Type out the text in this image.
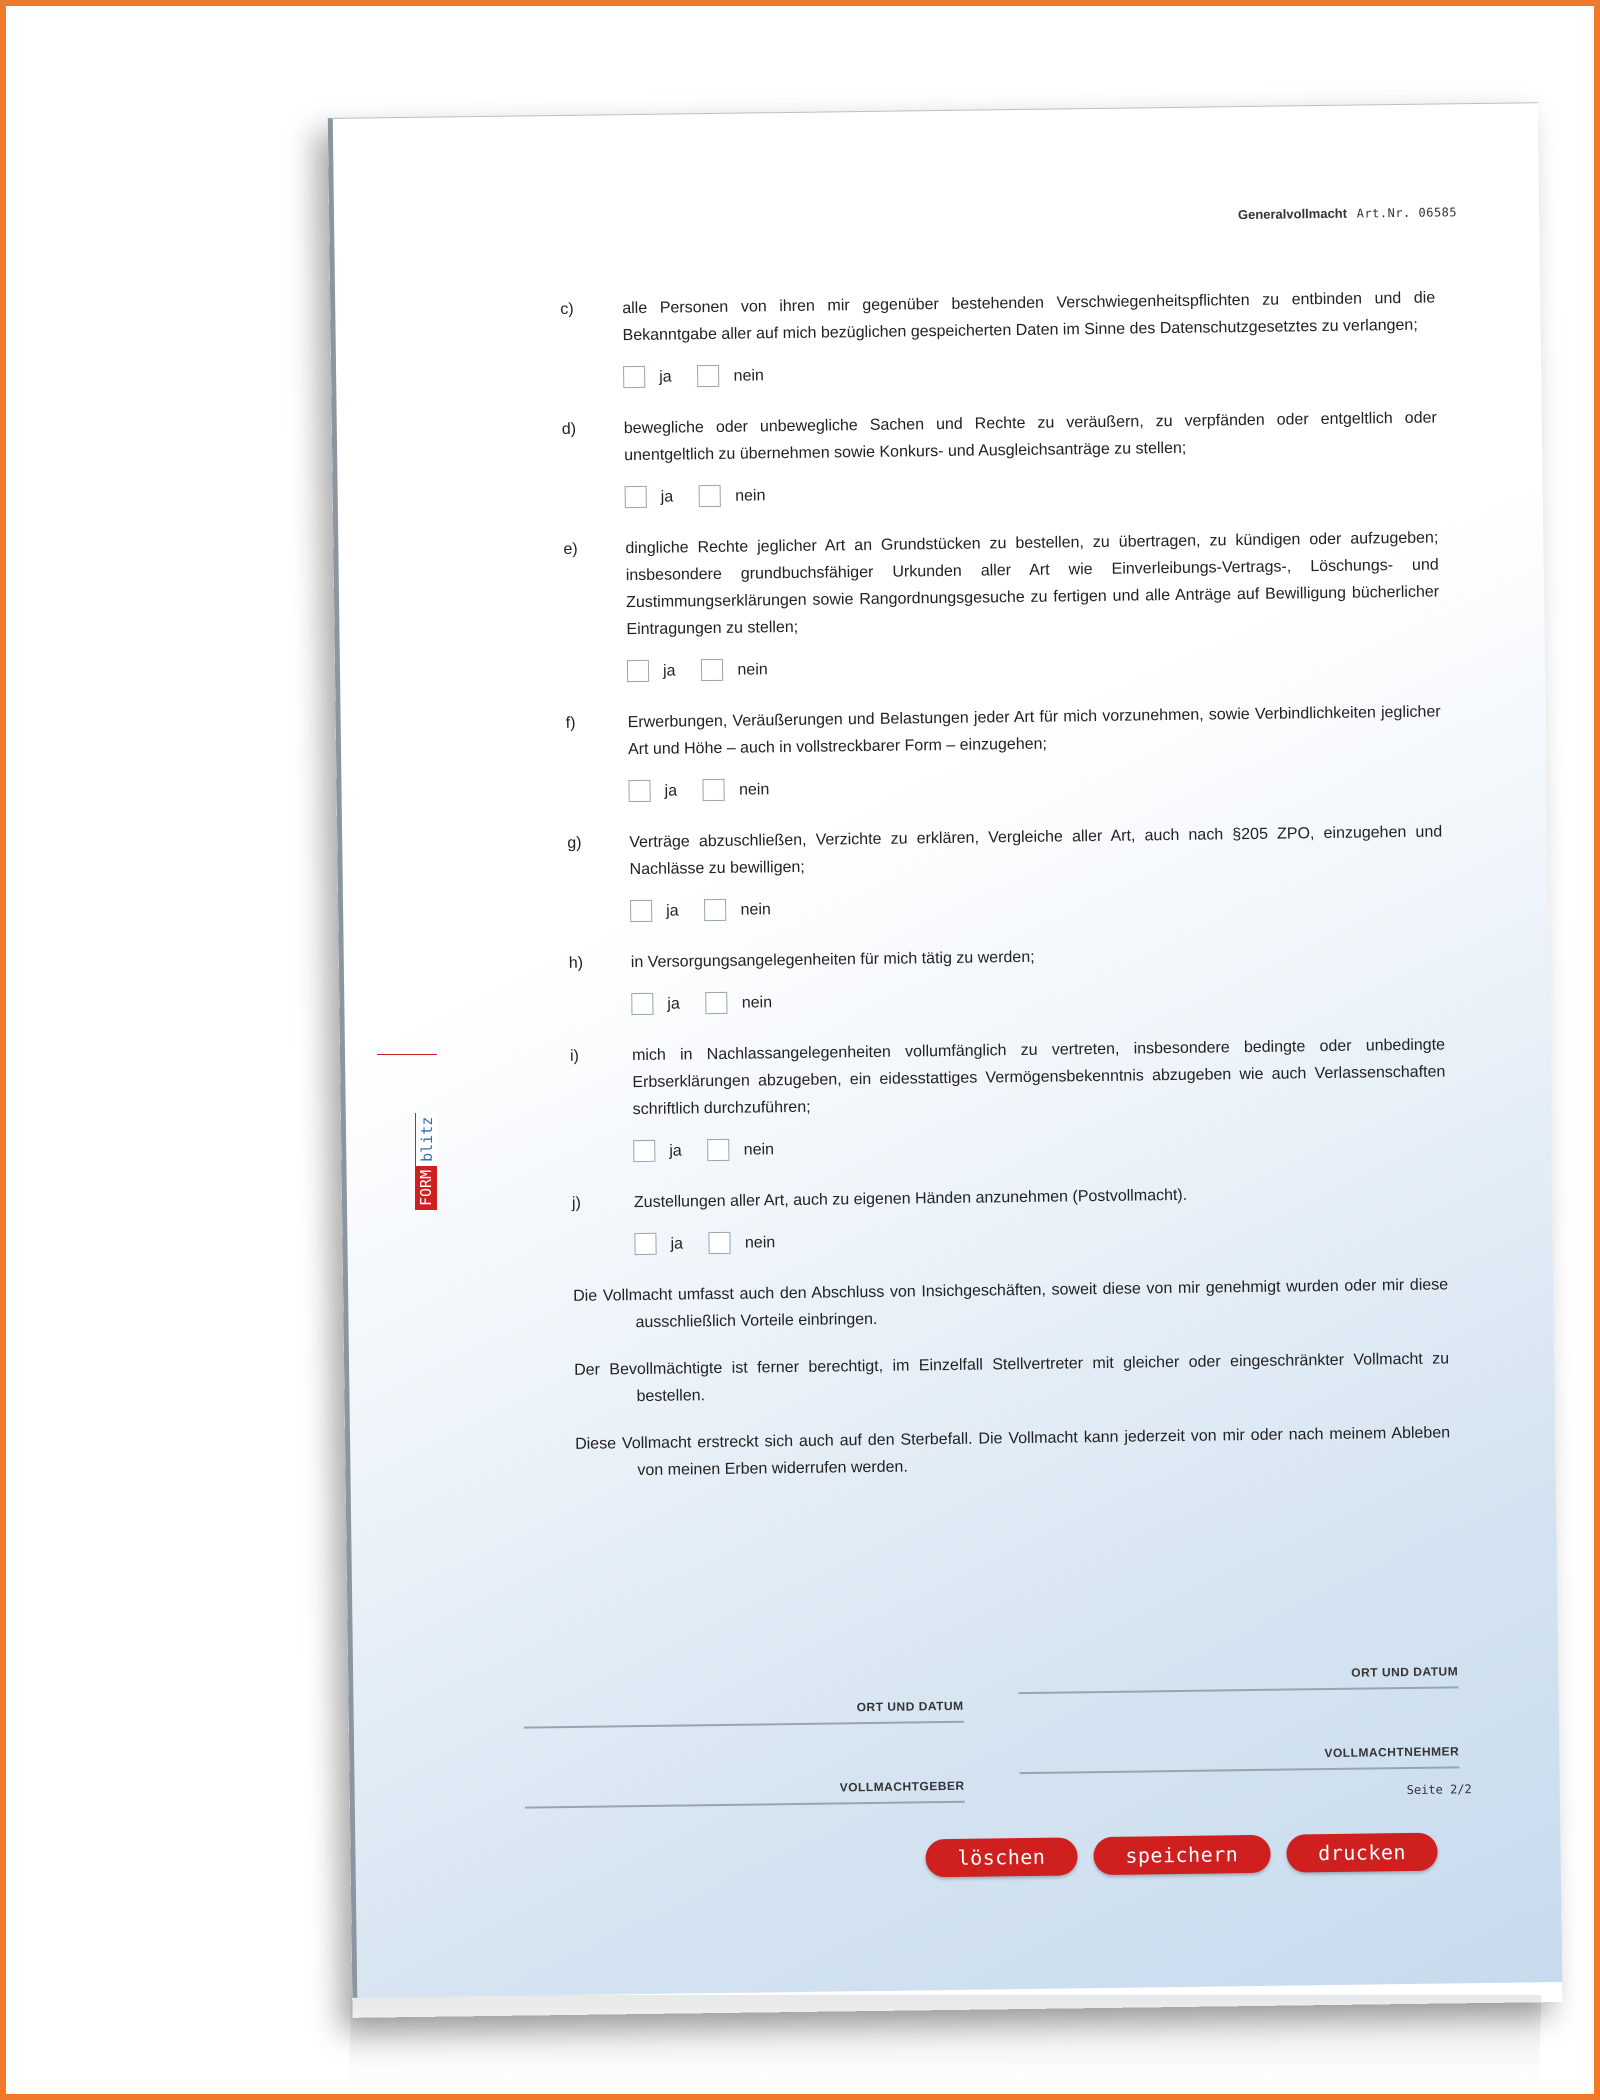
Generalvollmacht Art.Nr. 06585
c)	alle Personen von ihren mir gegenüber bestehenden Verschwiegenheitspflichten zu entbinden und die Bekanntgabe aller auf mich bezüglichen gespeicherten Daten im Sinne des Datenschutzgesetztes zu verlangen;
ja	nein
d)	bewegliche oder unbewegliche Sachen und Rechte zu veräußern, zu verpfänden oder entgeltlich oder unentgeltlich zu übernehmen sowie Konkurs- und Ausgleichsanträge zu stellen;
ja	nein
e)	dingliche Rechte jeglicher Art an Grundstücken zu bestellen, zu übertragen, zu kündigen oder aufzugeben; insbesondere grundbuchsfähiger Urkunden aller Art wie Einverleibungs-Vertrags-, Löschungs- und Zustimmungserklärungen sowie Rangordnungsgesuche zu fertigen und alle Anträge auf Bewilligung bücherlicher Eintragungen zu stellen;
ja	nein
f)	Erwerbungen, Veräußerungen und Belastungen jeder Art für mich vorzunehmen, sowie Verbindlichkeiten jeglicher Art und Höhe – auch in vollstreckbarer Form – einzugehen;
ja	nein
g)	Verträge abzuschließen, Verzichte zu erklären, Vergleiche aller Art, auch nach §205 ZPO, einzugehen und Nachlässe zu bewilligen;
ja	nein
h)	in Versorgungsangelegenheiten für mich tätig zu werden;
ja	nein
i)	mich in Nachlassangelegenheiten vollumfänglich zu vertreten, insbesondere bedingte oder unbedingte Erbserklärungen abzugeben, ein eidesstattiges Vermögensbekenntnis abzugeben wie auch Verlassenschaften schriftlich durchzuführen;
ja	nein
j)	Zustellungen aller Art, auch zu eigenen Händen anzunehmen (Postvollmacht).
ja	nein
Die Vollmacht umfasst auch den Abschluss von Insichgeschäften, soweit diese von mir genehmigt wurden oder mir diese ausschließlich Vorteile einbringen.
Der Bevollmächtigte ist ferner berechtigt, im Einzelfall Stellvertreter mit gleicher oder eingeschränkter Vollmacht zu bestellen.
Diese Vollmacht erstreckt sich auch auf den Sterbefall. Die Vollmacht kann jederzeit von mir oder nach meinem Ableben von meinen Erben widerrufen werden.
ORT UND DATUM
ORT UND DATUM
VOLLMACHTGEBER
VOLLMACHTNEHMER
Seite 2/2
löschen	speichern	drucken
FORM
blitz
